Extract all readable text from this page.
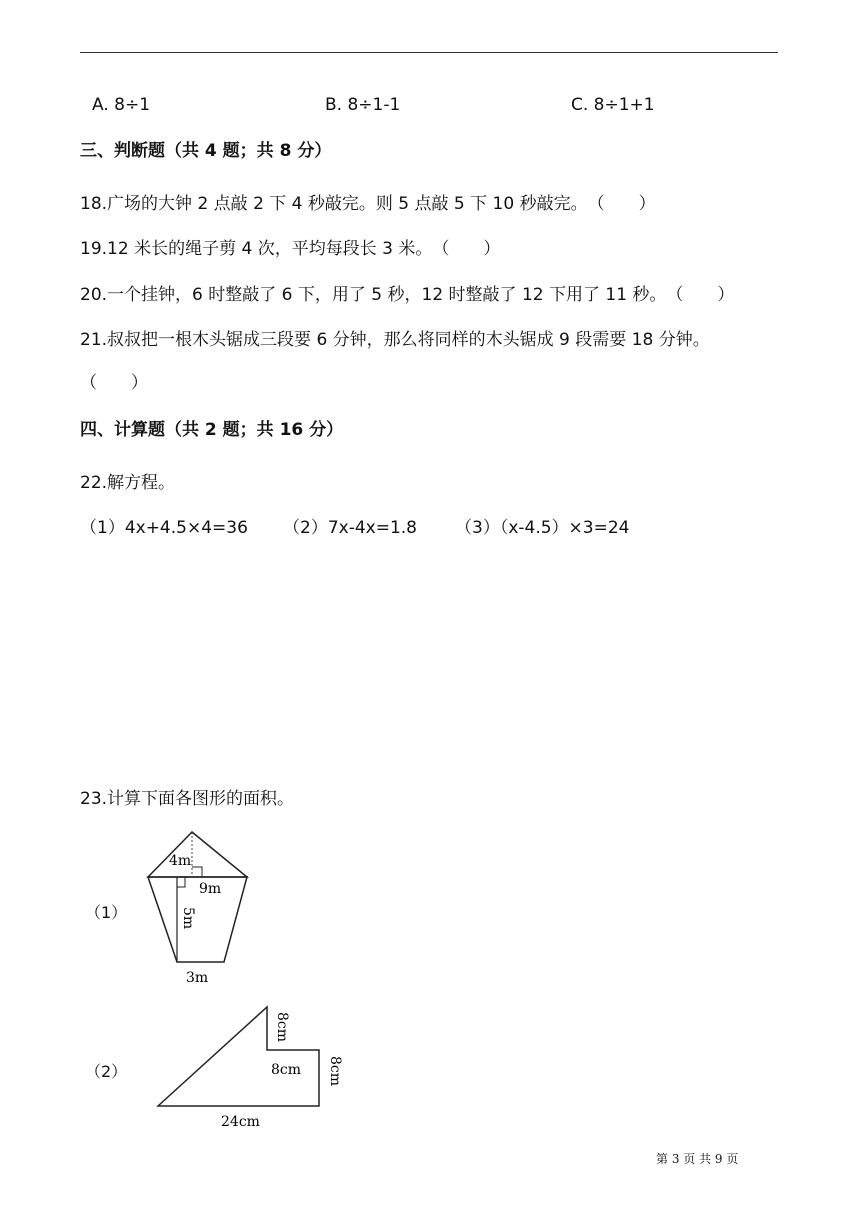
A. 8÷1	B. 8÷1-1	C. 8÷1+1
三、判断题（共 4 题；共 8 分）
18.广场的大钟 2 点敲 2 下 4 秒敲完。则 5 点敲 5 下 10 秒敲完。（　　）
19.12 米长的绳子剪 4 次，平均每段长 3 米。（　　）
20.一个挂钟，6 时整敲了 6 下，用了 5 秒，12 时整敲了 12 下用了 11 秒。（　　）
21.叔叔把一根木头锯成三段要 6 分钟，那么将同样的木头锯成 9 段需要 18 分钟。
（　　）
四、计算题（共 2 题；共 16 分）
22.解方程。
（1）4x+4.5×4=36 （2）7x-4x=1.8 （3）（x-4.5）×3=24
23.计算下面各图形的面积。
（1）
4m
9m
5m
3m
（2）
8cm
8cm 8cm
24cm
第 3 页 共 9 页
